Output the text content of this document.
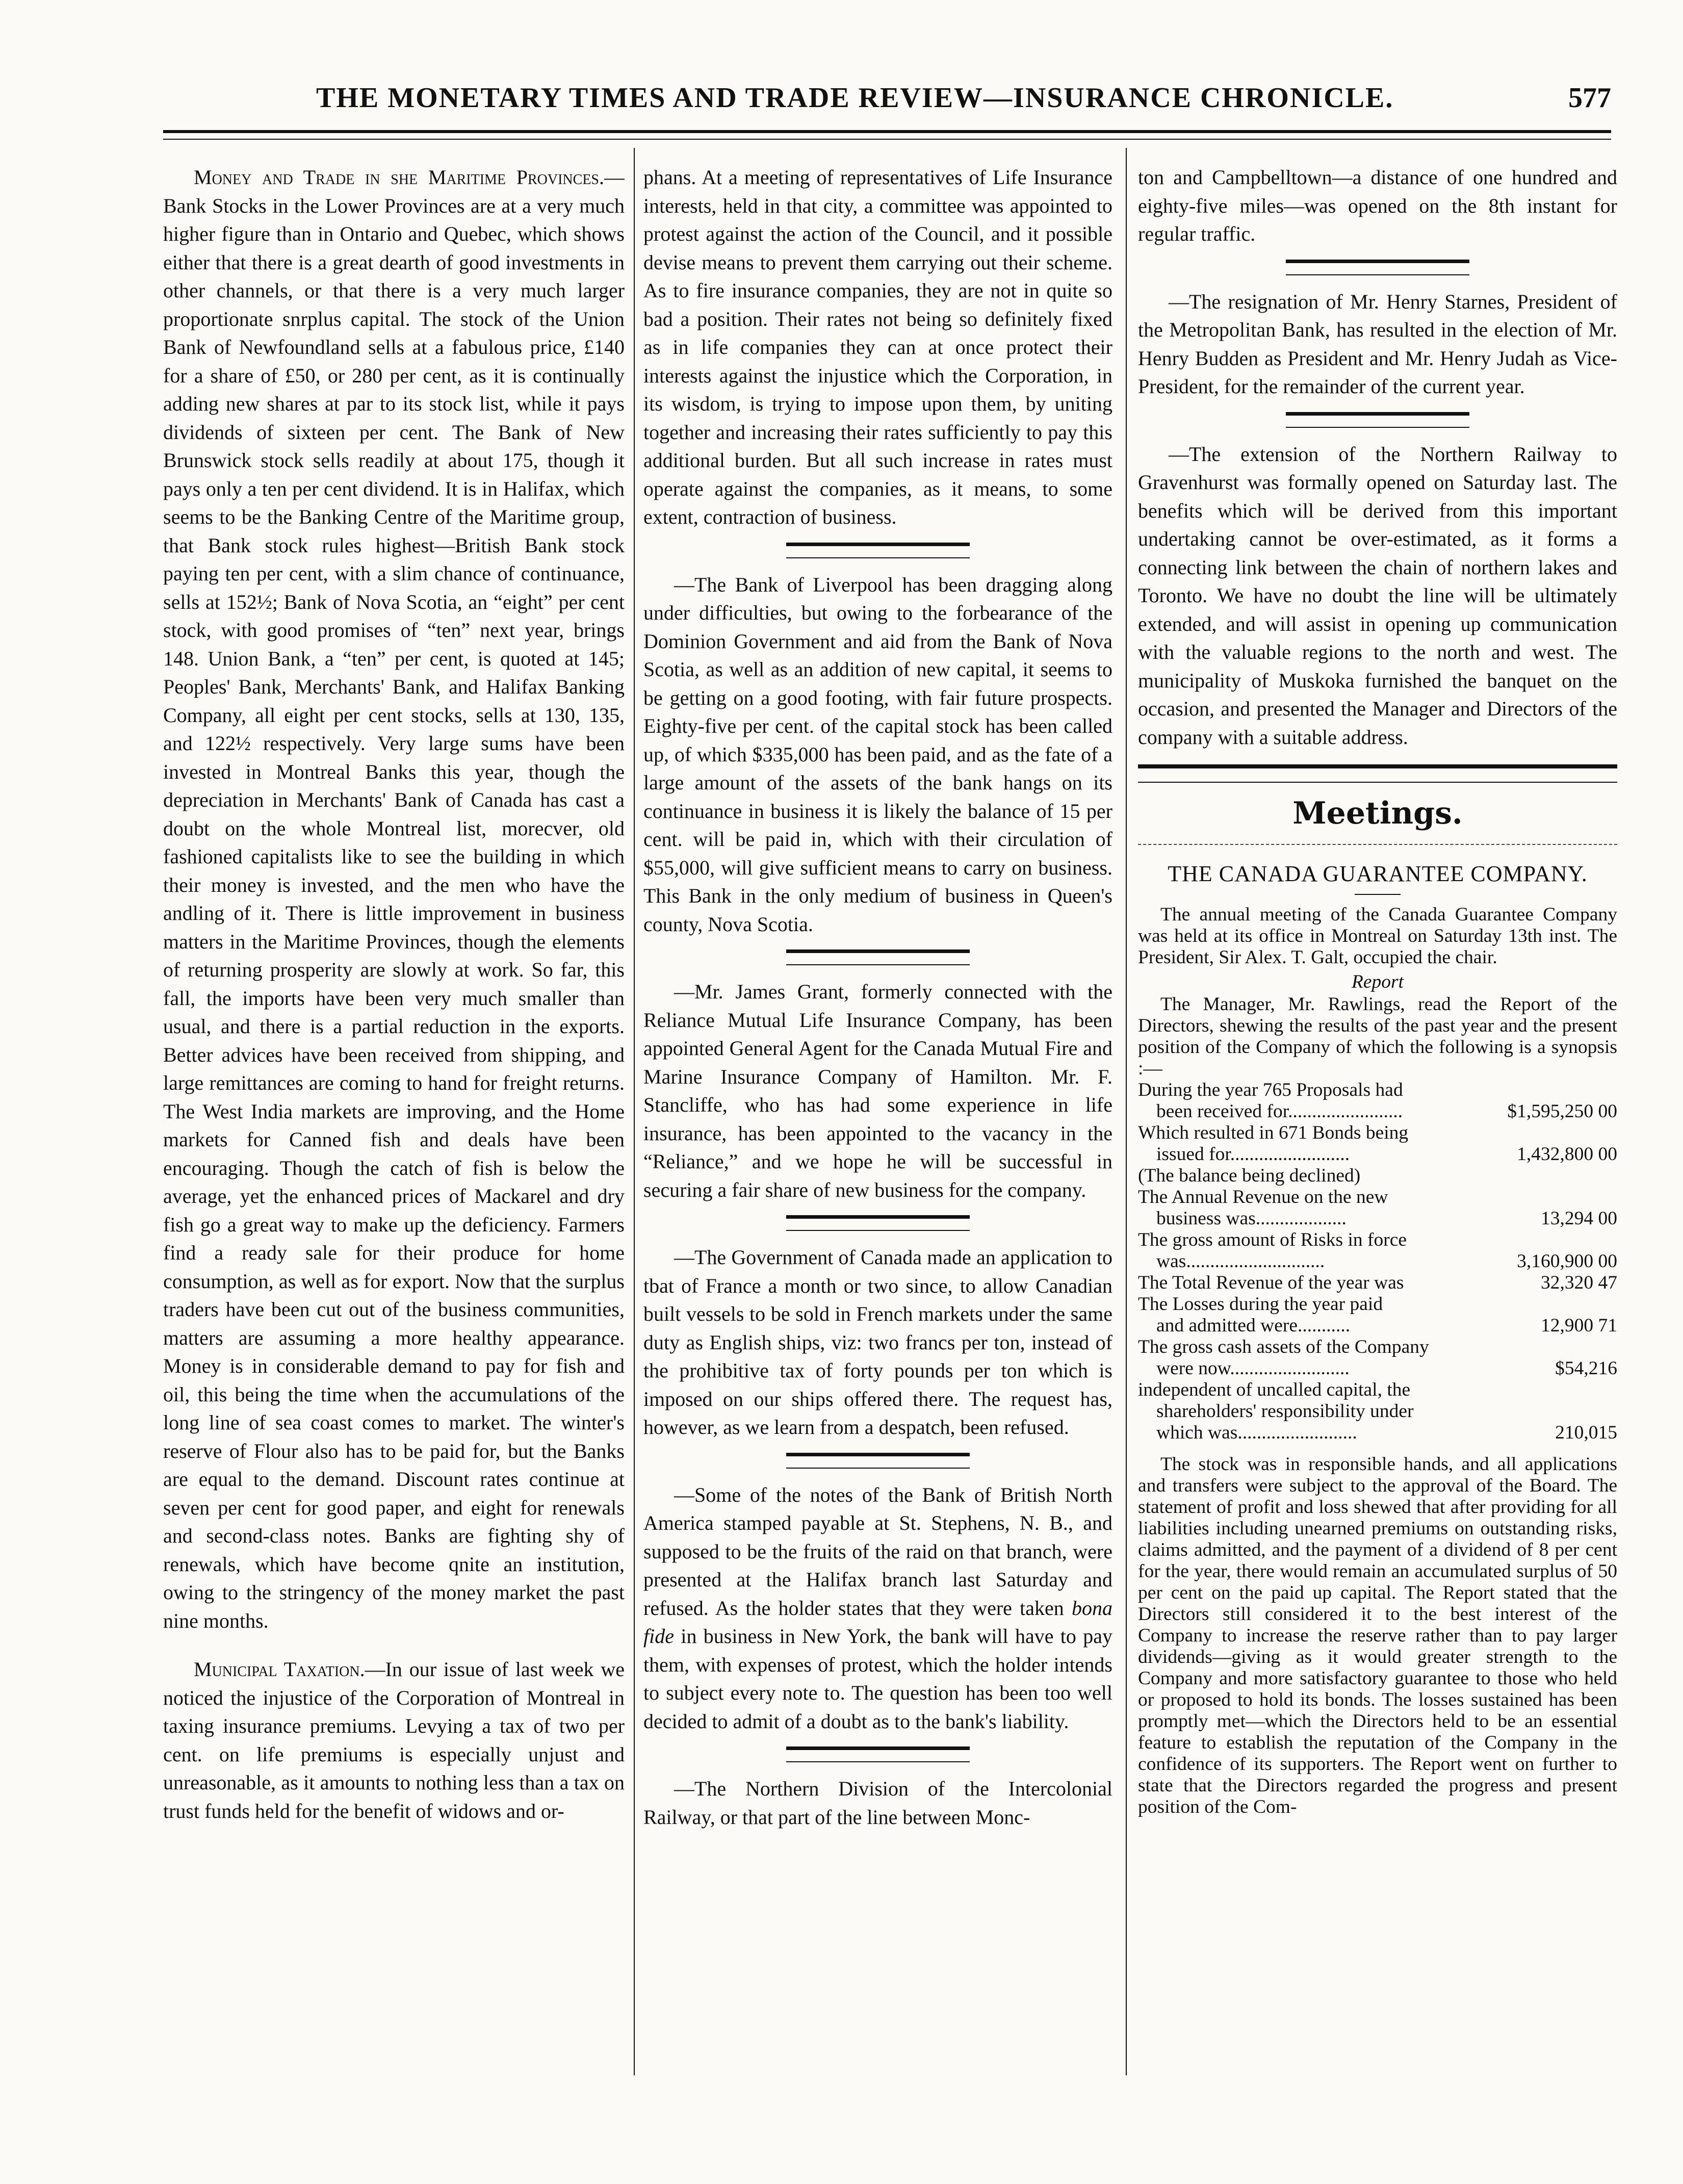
THE MONETARY TIMES AND TRADE REVIEW—INSURANCE CHRONICLE.	577

Money and Trade in she Maritime Provinces.—Bank Stocks in the Lower Provinces are at a very much higher figure than in Ontario and Quebec, which shows either that there is a great dearth of good investments in other channels, or that there is a very much larger proportionate snrplus capital. The stock of the Union Bank of Newfoundland sells at a fabulous price, £140 for a share of £50, or 280 per cent, as it is continually adding new shares at par to its stock list, while it pays dividends of sixteen per cent. The Bank of New Brunswick stock sells readily at about 175, though it pays only a ten per cent dividend. It is in Halifax, which seems to be the Banking Centre of the Maritime group, that Bank stock rules highest—British Bank stock paying ten per cent, with a slim chance of continuance, sells at 152½; Bank of Nova Scotia, an “eight” per cent stock, with good promises of “ten” next year, brings 148. Union Bank, a “ten” per cent, is quoted at 145; Peoples' Bank, Merchants' Bank, and Halifax Banking Company, all eight per cent stocks, sells at 130, 135, and 122½ respectively. Very large sums have been invested in Montreal Banks this year, though the depreciation in Merchants' Bank of Canada has cast a doubt on the whole Montreal list, morecver, old fashioned capitalists like to see the building in which their money is invested, and the men who have the andling of it. There is little improvement in business matters in the Maritime Provinces, though the elements of returning prosperity are slowly at work. So far, this fall, the imports have been very much smaller than usual, and there is a partial reduction in the exports. Better advices have been received from shipping, and large remittances are coming to hand for freight returns. The West India markets are improving, and the Home markets for Canned fish and deals have been encouraging. Though the catch of fish is below the average, yet the enhanced prices of Mackarel and dry fish go a great way to make up the deficiency. Farmers find a ready sale for their produce for home consumption, as well as for export. Now that the surplus traders have been cut out of the business communities, matters are assuming a more healthy appearance. Money is in considerable demand to pay for fish and oil, this being the time when the accumulations of the long line of sea coast comes to market. The winter's reserve of Flour also has to be paid for, but the Banks are equal to the demand. Discount rates continue at seven per cent for good paper, and eight for renewals and second-class notes. Banks are fighting shy of renewals, which have become qnite an institution, owing to the stringency of the money market the past nine months.

Municipal Taxation.—In our issue of last week we noticed the injustice of the Corporation of Montreal in taxing insurance premiums. Levying a tax of two per cent. on life premiums is especially unjust and unreasonable, as it amounts to nothing less than a tax on trust funds held for the benefit of widows and or-

phans. At a meeting of representatives of Life Insurance interests, held in that city, a committee was appointed to protest against the action of the Council, and it possible devise means to prevent them carrying out their scheme. As to fire insurance companies, they are not in quite so bad a position. Their rates not being so definitely fixed as in life companies they can at once protect their interests against the injustice which the Corporation, in its wisdom, is trying to impose upon them, by uniting together and increasing their rates sufficiently to pay this additional burden. But all such increase in rates must operate against the companies, as it means, to some extent, contraction of business.

—The Bank of Liverpool has been dragging along under difficulties, but owing to the forbearance of the Dominion Government and aid from the Bank of Nova Scotia, as well as an addition of new capital, it seems to be getting on a good footing, with fair future prospects. Eighty-five per cent. of the capital stock has been called up, of which $335,000 has been paid, and as the fate of a large amount of the assets of the bank hangs on its continuance in business it is likely the balance of 15 per cent. will be paid in, which with their circulation of $55,000, will give sufficient means to carry on business. This Bank in the only medium of business in Queen's county, Nova Scotia.

—Mr. James Grant, formerly connected with the Reliance Mutual Life Insurance Company, has been appointed General Agent for the Canada Mutual Fire and Marine Insurance Company of Hamilton. Mr. F. Stancliffe, who has had some experience in life insurance, has been appointed to the vacancy in the “Reliance,” and we hope he will be successful in securing a fair share of new business for the company.

—The Government of Canada made an application to tbat of France a month or two since, to allow Canadian built vessels to be sold in French markets under the same duty as English ships, viz: two francs per ton, instead of the prohibitive tax of forty pounds per ton which is imposed on our ships offered there. The request has, however, as we learn from a despatch, been refused.

—Some of the notes of the Bank of British North America stamped payable at St. Stephens, N. B., and supposed to be the fruits of the raid on that branch, were presented at the Halifax branch last Saturday and refused. As the holder states that they were taken bona fide in business in New York, the bank will have to pay them, with expenses of protest, which the holder intends to subject every note to. The question has been too well decided to admit of a doubt as to the bank's liability.

—The Northern Division of the Intercolonial Railway, or that part of the line between Monc-

ton and Campbelltown—a distance of one hundred and eighty-five miles—was opened on the 8th instant for regular traffic.

—The resignation of Mr. Henry Starnes, President of the Metropolitan Bank, has resulted in the election of Mr. Henry Budden as President and Mr. Henry Judah as Vice-President, for the remainder of the current year.

—The extension of the Northern Railway to Gravenhurst was formally opened on Saturday last. The benefits which will be derived from this important undertaking cannot be over-estimated, as it forms a connecting link between the chain of northern lakes and Toronto. We have no doubt the line will be ultimately extended, and will assist in opening up communication with the valuable regions to the north and west. The municipality of Muskoka furnished the banquet on the occasion, and presented the Manager and Directors of the company with a suitable address.

Meetings.
THE CANADA GUARANTEE COMPANY.

The annual meeting of the Canada Guarantee Company was held at its office in Montreal on Saturday 13th inst. The President, Sir Alex. T. Galt, occupied the chair.

Report

The Manager, Mr. Rawlings, read the Report of the Directors, shewing the results of the past year and the present position of the Company of which the following is a synopsis :—

During the year 765 Proposals had
been received for........................	$1,595,250 00
Which resulted in 671 Bonds being
issued for.........................	1,432,800 00
(The balance being declined)
The Annual Revenue on the new
business was...................	13,294 00
The gross amount of Risks in force
was.............................	3,160,900 00
The Total Revenue of the year was	32,320 47
The Losses during the year paid
and admitted were...........	12,900 71
The gross cash assets of the Company
were now.........................	$54,216
independent of uncalled capital, the
shareholders' responsibility under
which was.........................	210,015

The stock was in responsible hands, and all applications and transfers were subject to the approval of the Board. The statement of profit and loss shewed that after providing for all liabilities including unearned premiums on outstanding risks, claims admitted, and the payment of a dividend of 8 per cent for the year, there would remain an accumulated surplus of 50 per cent on the paid up capital. The Report stated that the Directors still considered it to the best interest of the Company to increase the reserve rather than to pay larger dividends—giving as it would greater strength to the Company and more satisfactory guarantee to those who held or proposed to hold its bonds. The losses sustained has been promptly met—which the Directors held to be an essential feature to establish the reputation of the Company in the confidence of its supporters. The Report went on further to state that the Directors regarded the progress and present position of the Com-
